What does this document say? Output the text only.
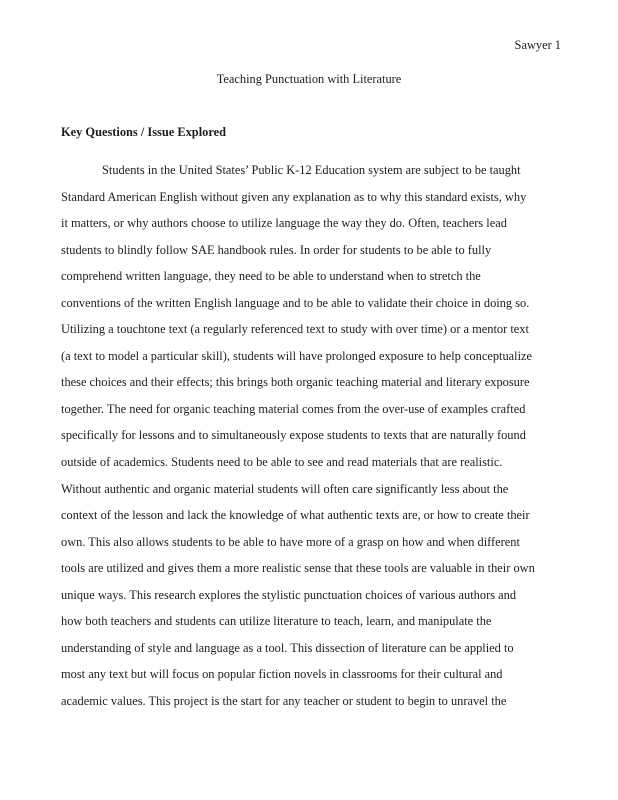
Sawyer 1
Teaching Punctuation with Literature
Key Questions / Issue Explored
Students in the United States’ Public K-12 Education system are subject to be taught
Standard American English without given any explanation as to why this standard exists, why
it matters, or why authors choose to utilize language the way they do. Often, teachers lead
students to blindly follow SAE handbook rules. In order for students to be able to fully
comprehend written language, they need to be able to understand when to stretch the
conventions of the written English language and to be able to validate their choice in doing so.
Utilizing a touchtone text (a regularly referenced text to study with over time) or a mentor text
(a text to model a particular skill), students will have prolonged exposure to help conceptualize
these choices and their effects; this brings both organic teaching material and literary exposure
together. The need for organic teaching material comes from the over-use of examples crafted
specifically for lessons and to simultaneously expose students to texts that are naturally found
outside of academics. Students need to be able to see and read materials that are realistic.
Without authentic and organic material students will often care significantly less about the
context of the lesson and lack the knowledge of what authentic texts are, or how to create their
own. This also allows students to be able to have more of a grasp on how and when different
tools are utilized and gives them a more realistic sense that these tools are valuable in their own
unique ways. This research explores the stylistic punctuation choices of various authors and
how both teachers and students can utilize literature to teach, learn, and manipulate the
understanding of style and language as a tool. This dissection of literature can be applied to
most any text but will focus on popular fiction novels in classrooms for their cultural and
academic values. This project is the start for any teacher or student to begin to unravel the
